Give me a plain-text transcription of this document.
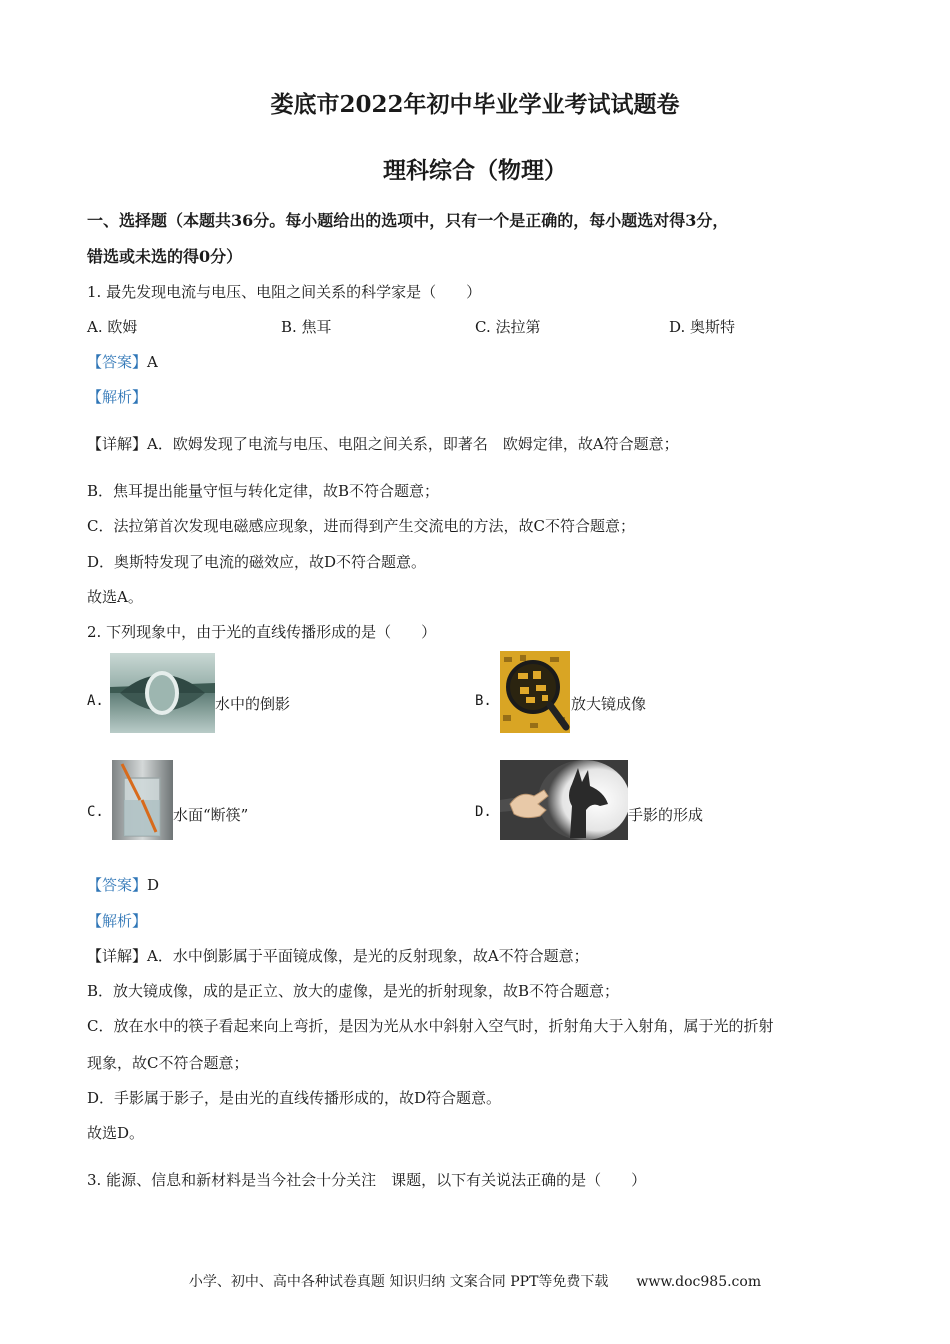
娄底市2022年初中毕业学业考试试题卷
理科综合（物理）
一、选择题（本题共36分。每小题给出的选项中，只有一个是正确的，每小题选对得3分，
错选或未选的得0分）
1. 最先发现电流与电压、电阻之间关系的科学家是（　　）
A. 欧姆	B. 焦耳	C. 法拉第	D. 奥斯特
【答案】A
【解析】
【详解】A．欧姆发现了电流与电压、电阻之间关系，即著名　欧姆定律，故A符合题意；
B．焦耳提出能量守恒与转化定律，故B不符合题意；
C．法拉第首次发现电磁感应现象，进而得到产生交流电的方法，故C不符合题意；
D．奥斯特发现了电流的磁效应，故D不符合题意。
故选A。
2. 下列现象中，由于光的直线传播形成的是（　　）
A.	水中的倒影	B.	放大镜成像
C.	水面“断筷”	D.	手影的形成
【答案】D
【解析】
【详解】A．水中倒影属于平面镜成像，是光的反射现象，故A不符合题意；
B．放大镜成像，成的是正立、放大的虚像，是光的折射现象，故B不符合题意；
C．放在水中的筷子看起来向上弯折，是因为光从水中斜射入空气时，折射角大于入射角，属于光的折射
现象，故C不符合题意；
D．手影属于影子，是由光的直线传播形成的，故D符合题意。
故选D。
3. 能源、信息和新材料是当今社会十分关注　课题，以下有关说法正确的是（　　）
小学、初中、高中各种试卷真题 知识归纳 文案合同 PPT等免费下载　　www.doc985.com
